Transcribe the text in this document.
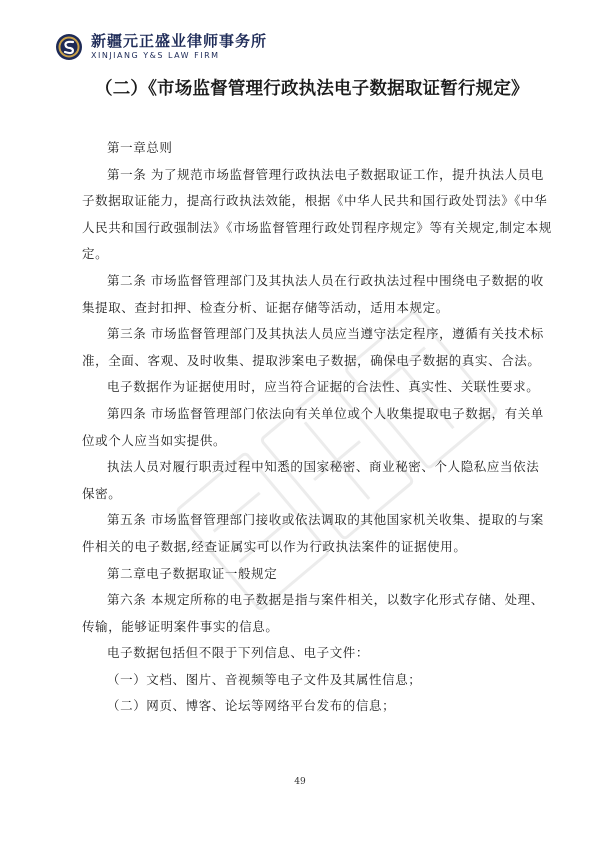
新疆元正盛业律师事务所
XINJIANG Y&S LAW FIRM
（二）《市场监督管理行政执法电子数据取证暂行规定》

第一章总则

第一条 为了规范市场监督管理行政执法电子数据取证工作，提升执法人员电子数据取证能力，提高行政执法效能，根据《中华人民共和国行政处罚法》《中华人民共和国行政强制法》《市场监督管理行政处罚程序规定》等有关规定,制定本规定。

第二条 市场监督管理部门及其执法人员在行政执法过程中围绕电子数据的收集提取、查封扣押、检查分析、证据存储等活动，适用本规定。

第三条 市场监督管理部门及其执法人员应当遵守法定程序，遵循有关技术标准，全面、客观、及时收集、提取涉案电子数据，确保电子数据的真实、合法。

电子数据作为证据使用时，应当符合证据的合法性、真实性、关联性要求。

第四条 市场监督管理部门依法向有关单位或个人收集提取电子数据，有关单位或个人应当如实提供。

执法人员对履行职责过程中知悉的国家秘密、商业秘密、个人隐私应当依法保密。

第五条 市场监督管理部门接收或依法调取的其他国家机关收集、提取的与案件相关的电子数据,经查证属实可以作为行政执法案件的证据使用。

第二章电子数据取证一般规定

第六条 本规定所称的电子数据是指与案件相关，以数字化形式存储、处理、传输，能够证明案件事实的信息。

电子数据包括但不限于下列信息、电子文件：

（一）文档、图片、音视频等电子文件及其属性信息；

（二）网页、博客、论坛等网络平台发布的信息；

49
